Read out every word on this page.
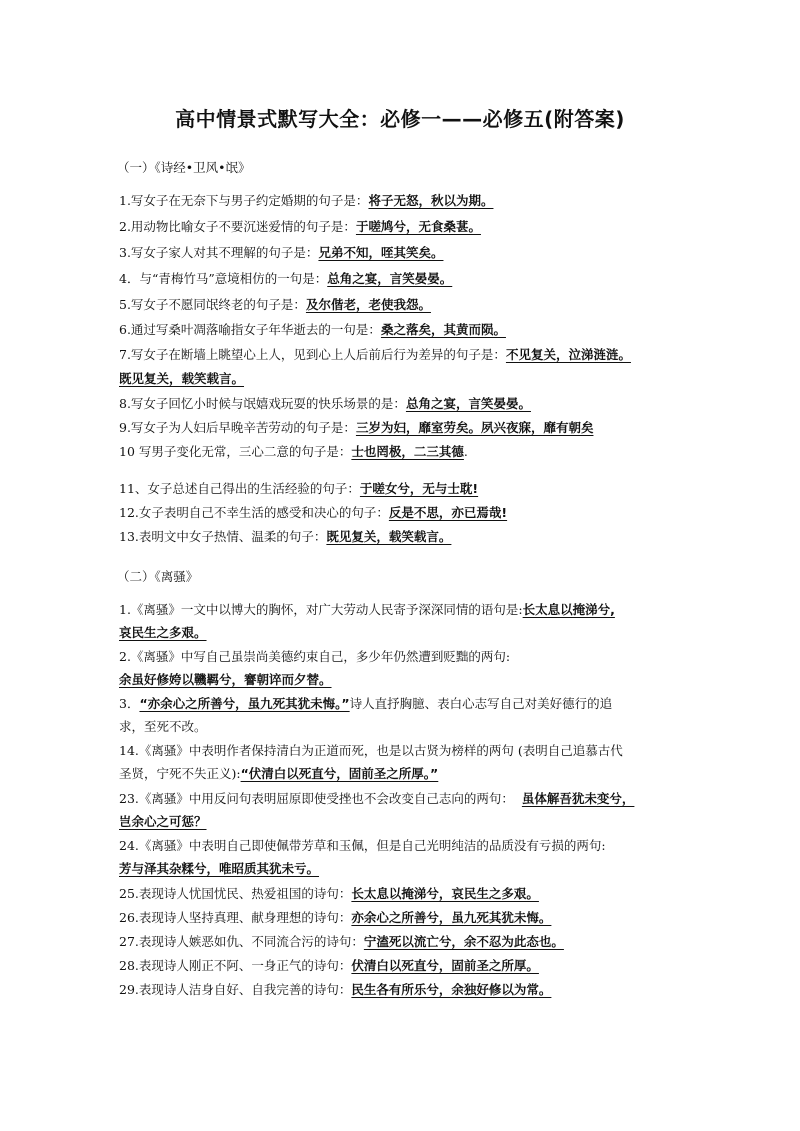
高中情景式默写大全：必修一——必修五(附答案)
（一）《诗经•卫风•氓》
1.写女子在无奈下与男子约定婚期的句子是：将子无怒，秋以为期。
2.用动物比喻女子不要沉迷爱情的句子是：于嗟鸠兮，无食桑葚。
3.写女子家人对其不理解的句子是：兄弟不知，咥其笑矣。
4．与“青梅竹马”意境相仿的一句是：总角之宴，言笑晏晏。
5.写女子不愿同氓终老的句子是：及尔偕老，老使我怨。
6.通过写桑叶凋落喻指女子年华逝去的一句是：桑之落矣，其黄而陨。
7.写女子在断墙上眺望心上人，见到心上人后前后行为差异的句子是：不见复关，泣涕涟涟。
既见复关，载笑载言。
8.写女子回忆小时候与氓嬉戏玩耍的快乐场景的是：总角之宴，言笑晏晏。
9.写女子为人妇后早晚辛苦劳动的句子是：三岁为妇，靡室劳矣。夙兴夜寐，靡有朝矣
10 写男子变化无常，三心二意的句子是：士也罔极，二三其德.
11、女子总述自己得出的生活经验的句子：于嗟女兮，无与士耽!
12.女子表明自己不幸生活的感受和决心的句子：反是不思，亦已焉哉!
13.表明文中女子热情、温柔的句子：既见复关，载笑载言。
（二）《离骚》
1.《离骚》一文中以博大的胸怀，对广大劳动人民寄予深深同情的语句是:长太息以掩涕兮,
哀民生之多艰。
2.《离骚》中写自己虽崇尚美德约束自己，多少年仍然遭到贬黜的两句:
余虽好修姱以鞿羁兮，謇朝谇而夕替。
3．“亦余心之所善兮，虽九死其犹未悔。”诗人直抒胸臆、表白心志写自己对美好德行的追
求，至死不改。
14.《离骚》中表明作者保持清白为正道而死，也是以古贤为榜样的两句 (表明自己追慕古代
圣贤，宁死不失正义):“伏清白以死直兮，固前圣之所厚。”
23.《离骚》中用反问句表明屈原即使受挫也不会改变自己志向的两句： 虽体解吾犹未变兮，
岂余心之可惩？
24.《离骚》中表明自己即使佩带芳草和玉佩，但是自己光明纯洁的品质没有亏损的两句:
芳与泽其杂糅兮，唯昭质其犹未亏。
25.表现诗人忧国忧民、热爱祖国的诗句：长太息以掩涕兮，哀民生之多艰。
26.表现诗人坚持真理、献身理想的诗句：亦余心之所善兮，虽九死其犹未悔。
27.表现诗人嫉恶如仇、不同流合污的诗句：宁溘死以流亡兮，余不忍为此态也。
28.表现诗人刚正不阿、一身正气的诗句：伏清白以死直兮，固前圣之所厚。
29.表现诗人洁身自好、自我完善的诗句：民生各有所乐兮，余独好修以为常。
